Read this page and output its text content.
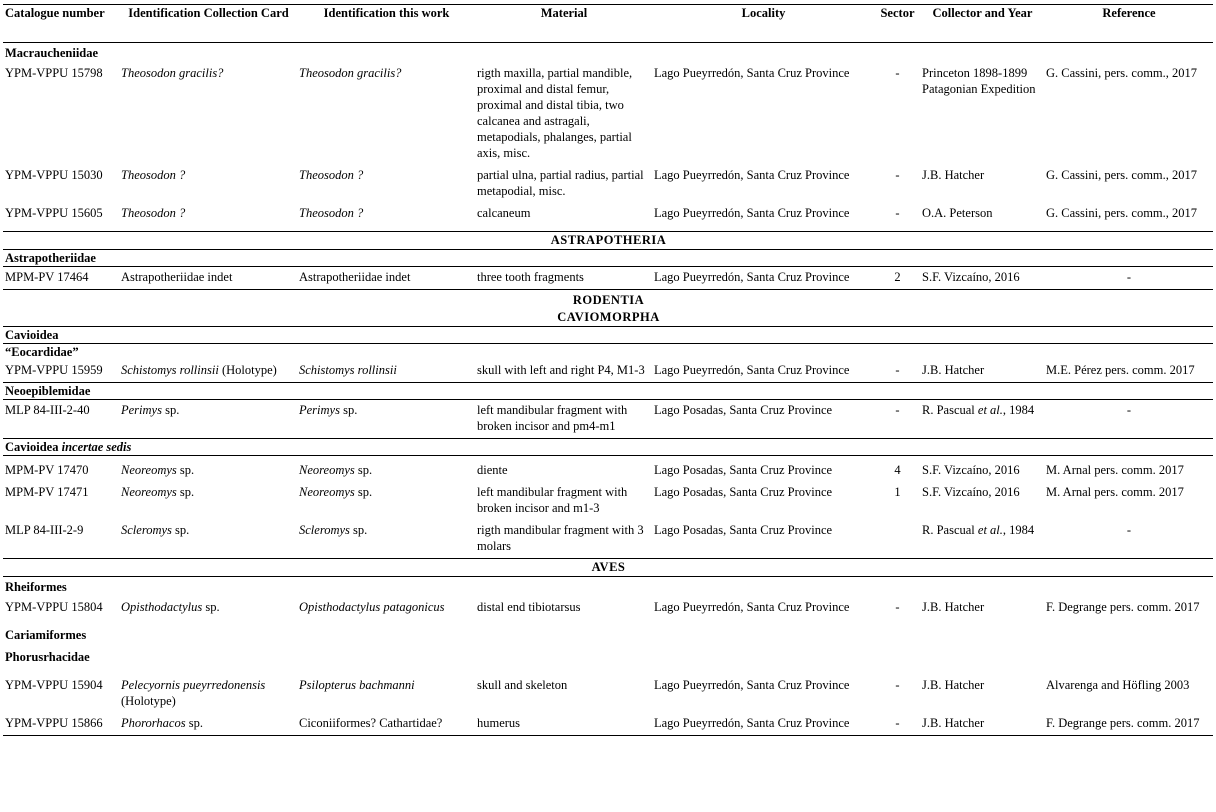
Catalogue number	Identification Collection Card	Identification this work	Material	Locality	Sector	Collector and Year	Reference
Macraucheniidae							
YPM-VPPU 15798	Theosodon gracilis?	Theosodon gracilis?	rigth maxilla, partial mandible, proximal and distal femur, proximal and distal tibia, two calcanea and astragali, metapodials, phalanges, partial axis, misc.	Lago Pueyrredón, Santa Cruz Province	-	Princeton 1898-1899 Patagonian Expedition	G. Cassini, pers. comm., 2017
YPM-VPPU 15030	Theosodon ?	Theosodon ?	partial ulna, partial radius, partial metapodial, misc.	Lago Pueyrredón, Santa Cruz Province	-	J.B. Hatcher	G. Cassini, pers. comm., 2017
YPM-VPPU 15605	Theosodon ?	Theosodon ?	calcaneum	Lago Pueyrredón, Santa Cruz Province	-	O.A. Peterson	G. Cassini, pers. comm., 2017

ASTRAPOTHERIA							
Astrapotheriidae							
MPM-PV 17464	Astrapotheriidae indet	Astrapotheriidae indet	three tooth fragments	Lago Pueyrredón, Santa Cruz Province	2	S.F. Vizcaíno, 2016	-
RODENTIA							
CAVIOMORPHA							
Cavioidea							
“Eocardidae”							
YPM-VPPU 15959	Schistomys rollinsii (Holotype)	Schistomys rollinsii	skull with left and right P4, M1-3	Lago Pueyrredón, Santa Cruz Province	-	J.B. Hatcher	M.E. Pérez pers. comm. 2017
Neoepiblemidae							
MLP 84-III-2-40	Perimys sp.	Perimys sp.	left mandibular fragment with broken incisor and pm4-m1	Lago Posadas, Santa Cruz Province	-	R. Pascual et al., 1984	-
Cavioidea incertae sedis							
MPM-PV 17470	Neoreomys sp.	Neoreomys sp.	diente	Lago Posadas, Santa Cruz Province	4	S.F. Vizcaíno, 2016	M. Arnal pers. comm. 2017
MPM-PV 17471	Neoreomys sp.	Neoreomys sp.	left mandibular fragment with broken incisor and m1-3	Lago Posadas, Santa Cruz Province	1	S.F. Vizcaíno, 2016	M. Arnal pers. comm. 2017
MLP 84-III-2-9	Scleromys sp.	Scleromys sp.	rigth mandibular fragment with 3 molars	Lago Posadas, Santa Cruz Province		R. Pascual et al., 1984	-
AVES							
Rheiformes							
YPM-VPPU 15804	Opisthodactylus sp.	Opisthodactylus patagonicus	distal end tibiotarsus	Lago Pueyrredón, Santa Cruz Province	-	J.B. Hatcher	F. Degrange pers. comm. 2017
Cariamiformes							
Phorusrhacidae							
YPM-VPPU 15904	Pelecyornis pueyrredonensis
(Holotype)	Psilopterus bachmanni	skull and skeleton	Lago Pueyrredón, Santa Cruz Province	-	J.B. Hatcher	Alvarenga and Höfling 2003
YPM-VPPU 15866	Phororhacos sp.	Ciconiiformes? Cathartidae?	humerus	Lago Pueyrredón, Santa Cruz Province	-	J.B. Hatcher	F. Degrange pers. comm. 2017
